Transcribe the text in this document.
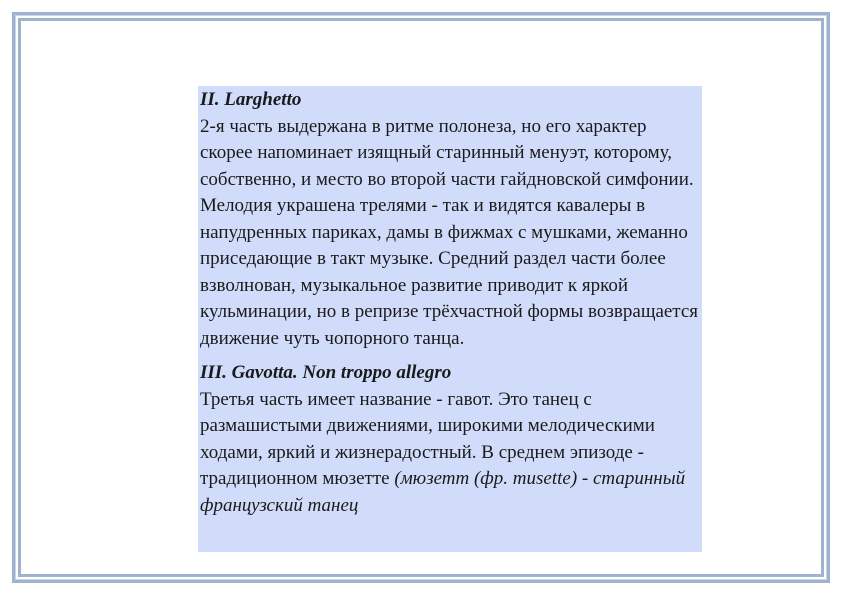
II. Larghetto

2-я часть выдержана в ритме полонеза, но его характер скорее напоминает изящный старинный менуэт, которому, собственно, и место во второй части гайдновской симфонии. Мелодия украшена трелями - так и видятся кавалеры в напудренных париках, дамы в фижмах с мушками, жеманно приседающие в такт музыке. Средний раздел части более взволнован, музыкальное развитие приводит к яркой кульминации, но в репризе трёхчастной формы возвращается движение чуть чопорного танца.

III. Gavotta. Non troppo allegro

Третья часть имеет название - гавот. Это танец с размашистыми движениями, широкими мелодическими ходами, яркий и жизнерадостный. В среднем эпизоде - традиционном мюзетте (мюзетт (фр. musette) - старинный французский танец
